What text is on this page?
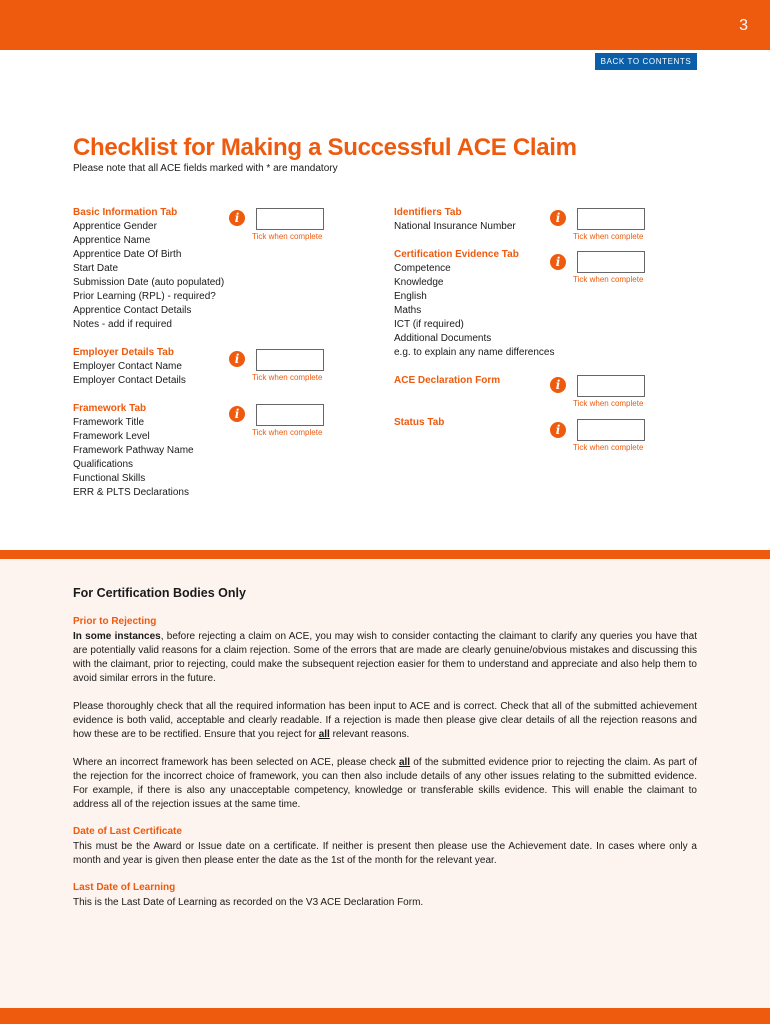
3
BACK TO CONTENTS
Checklist for Making a Successful ACE Claim
Please note that all ACE fields marked with * are mandatory
Basic Information Tab
Apprentice Gender
Apprentice Name
Apprentice Date Of Birth
Start Date
Submission Date (auto populated)
Prior Learning (RPL) - required?
Apprentice Contact Details
Notes - add if required
i
Tick when complete
Employer Details Tab
Employer Contact Name
Employer Contact Details
i
Tick when complete
Framework Tab
Framework Title
Framework Level
Framework Pathway Name
Qualifications
Functional Skills
ERR & PLTS Declarations
i
Tick when complete
Identifiers Tab
National Insurance Number
i
Tick when complete
Certification Evidence Tab
Competence
Knowledge
English
Maths
ICT (if required)
Additional Documents
e.g. to explain any name differences
i
Tick when complete
ACE Declaration Form	i
Tick when complete
Status Tab
i
Tick when complete
For Certification Bodies Only
Prior to Rejecting

In some instances, before rejecting a claim on ACE, you may wish to consider contacting the claimant to clarify any queries you have that are potentially valid reasons for a claim rejection. Some of the errors that are made are clearly genuine/obvious mistakes and discussing this with the claimant, prior to rejecting, could make the subsequent rejection easier for them to understand and appreciate and also help them to avoid similar errors in the future.

Please thoroughly check that all the required information has been input to ACE and is correct. Check that all of the submitted achievement evidence is both valid, acceptable and clearly readable. If a rejection is made then please give clear details of all the rejection reasons and how these are to be rectified. Ensure that you reject for all relevant reasons.

Where an incorrect framework has been selected on ACE, please check all of the submitted evidence prior to rejecting the claim. As part of the rejection for the incorrect choice of framework, you can then also include details of any other issues relating to the submitted evidence. For example, if there is also any unacceptable competency, knowledge or transferable skills evidence. This will enable the claimant to address all of the rejection issues at the same time.

Date of Last Certificate

This must be the Award or Issue date on a certificate. If neither is present then please use the Achievement date. In cases where only a month and year is given then please enter the date as the 1st of the month for the relevant year.

Last Date of Learning

This is the Last Date of Learning as recorded on the V3 ACE Declaration Form.
